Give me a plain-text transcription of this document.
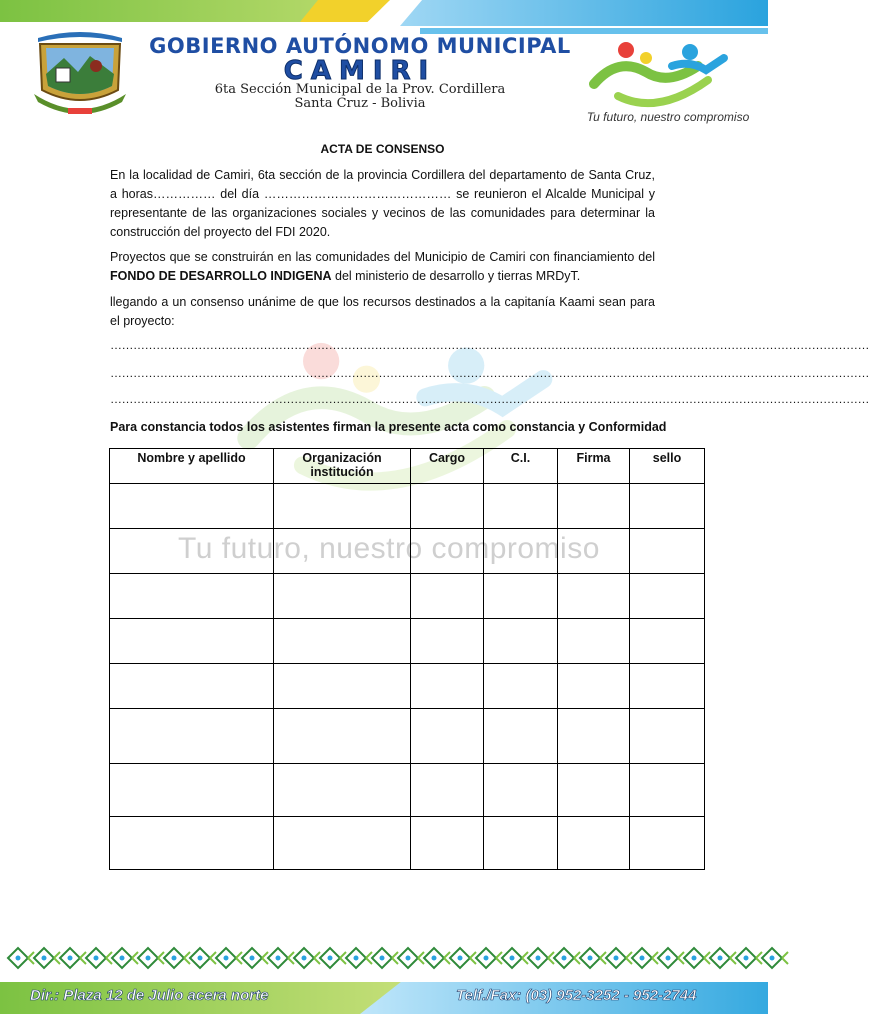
GOBIERNO AUTÓNOMO MUNICIPAL
CAMIRI
6ta Sección Municipal de la Prov. Cordillera
Santa Cruz - Bolivia
Tu futuro, nuestro compromiso
Tu futuro, nuestro compromiso
ACTA DE CONSENSO
En la localidad de Camiri, 6ta sección de la provincia Cordillera del departamento de Santa Cruz, a horas…………… del día ……………………………………… se reunieron el Alcalde Municipal y representante de las organizaciones sociales y vecinos de las comunidades para determinar la construcción del proyecto del FDI 2020.
Proyectos que se construirán en las comunidades del Municipio de Camiri con financiamiento del FONDO DE DESARROLLO INDIGENA del ministerio de desarrollo y tierras MRDyT.
llegando a un consenso unánime de que los recursos destinados a la capitanía Kaami sean para el proyecto:
………………………………………………………………………………………………………………………………………………………………………………
………………………………………………………………………………………………………………………………………………………………………………
………………………………………………………………………………………………………………………………………………………………………………
Para constancia todos los asistentes firman la presente acta como constancia y Conformidad
Nombre y apellido	Organización institución	Cargo	C.I.	Firma	sello

Dir.: Plaza 12 de Julio acera norte	Telf./Fax: (03) 952-3252 - 952-2744
